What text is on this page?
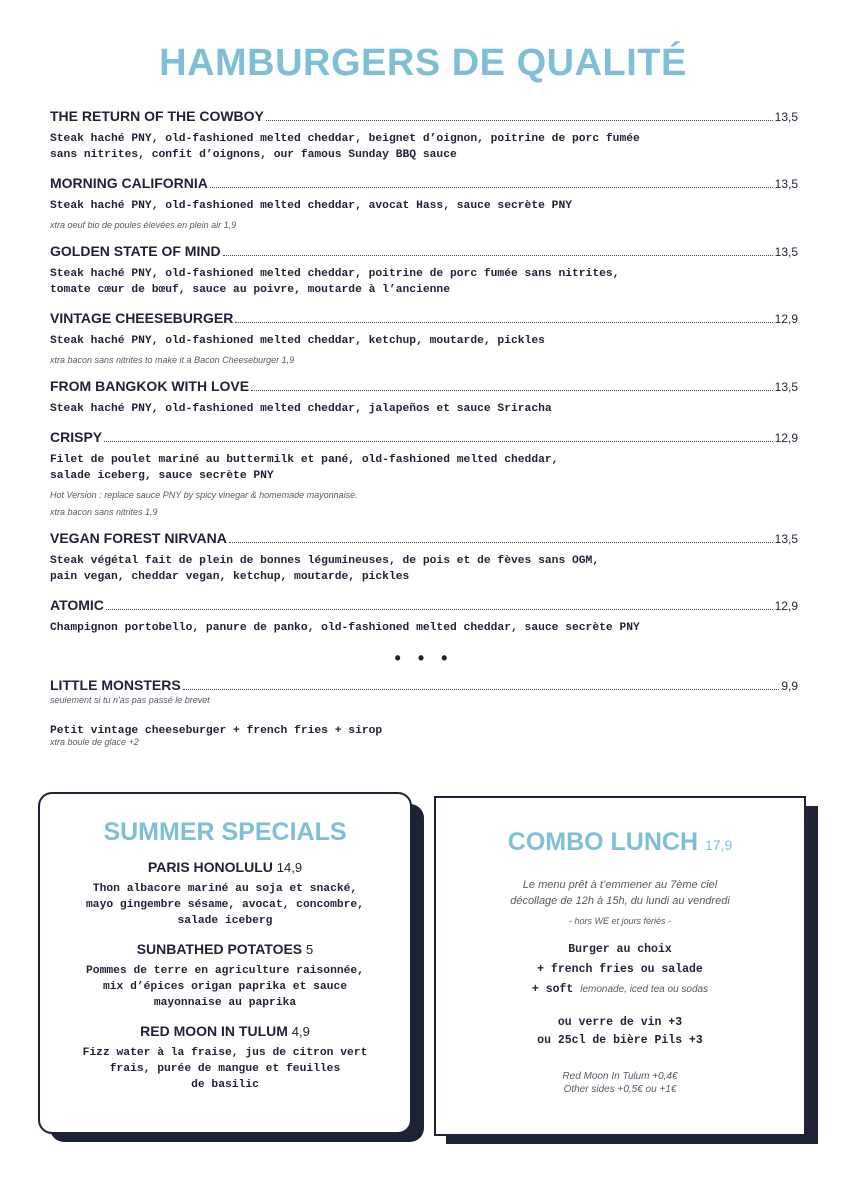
HAMBURGERS DE QUALITÉ
THE RETURN OF THE COWBOY	13,5
Steak haché PNY, old-fashioned melted cheddar, beignet d’oignon, poitrine de porc fumée
sans nitrites, confit d’oignons, our famous Sunday BBQ sauce
MORNING CALIFORNIA	13,5
Steak haché PNY, old-fashioned melted cheddar, avocat Hass, sauce secrète PNY
xtra oeuf bio de poules élevées en plein air 1,9
GOLDEN STATE OF MIND	13,5
Steak haché PNY, old-fashioned melted cheddar, poitrine de porc fumée sans nitrites,
tomate cœur de bœuf, sauce au poivre, moutarde à l’ancienne
VINTAGE CHEESEBURGER	12,9
Steak haché PNY, old-fashioned melted cheddar, ketchup, moutarde, pickles
xtra bacon sans nitrites to make it a Bacon Cheeseburger 1,9
FROM BANGKOK WITH LOVE	13,5
Steak haché PNY, old-fashioned melted cheddar, jalapeños et sauce Sriracha
CRISPY	12,9
Filet de poulet mariné au buttermilk et pané, old-fashioned melted cheddar,
salade iceberg, sauce secrète PNY
Hot Version : replace sauce PNY by spicy vinegar & homemade mayonnaise.
xtra bacon sans nitrites 1,9
VEGAN FOREST NIRVANA	13,5
Steak végétal fait de plein de bonnes légumineuses, de pois et de fèves sans OGM,
pain vegan, cheddar vegan, ketchup, moutarde, pickles
ATOMIC	12,9
Champignon portobello, panure de panko, old-fashioned melted cheddar, sauce secrète PNY
• • •
LITTLE MONSTERS	9,9
seulement si tu n'as pas passé le brevet
Petit vintage cheeseburger + french fries + sirop
xtra boule de glace +2
SUMMER SPECIALS
PARIS HONOLULU 14,9
Thon albacore mariné au soja et snacké,
mayo gingembre sésame, avocat, concombre,
salade iceberg
SUNBATHED POTATOES 5
Pommes de terre en agriculture raisonnée,
mix d’épices origan paprika et sauce
mayonnaise au paprika
RED MOON IN TULUM 4,9
Fizz water à la fraise, jus de citron vert
frais, purée de mangue et feuilles
de basilic
COMBO LUNCH 17,9
Le menu prêt à t’emmener au 7ème ciel
décollage de 12h à 15h, du lundi au vendredi
- hors WE et jours fériés -
Burger au choix
+ french fries ou salade
+ soft lemonade, iced tea ou sodas
ou verre de vin +3
ou 25cl de bière Pils +3
Red Moon In Tulum +0,4€
Other sides +0,5€ ou +1€
